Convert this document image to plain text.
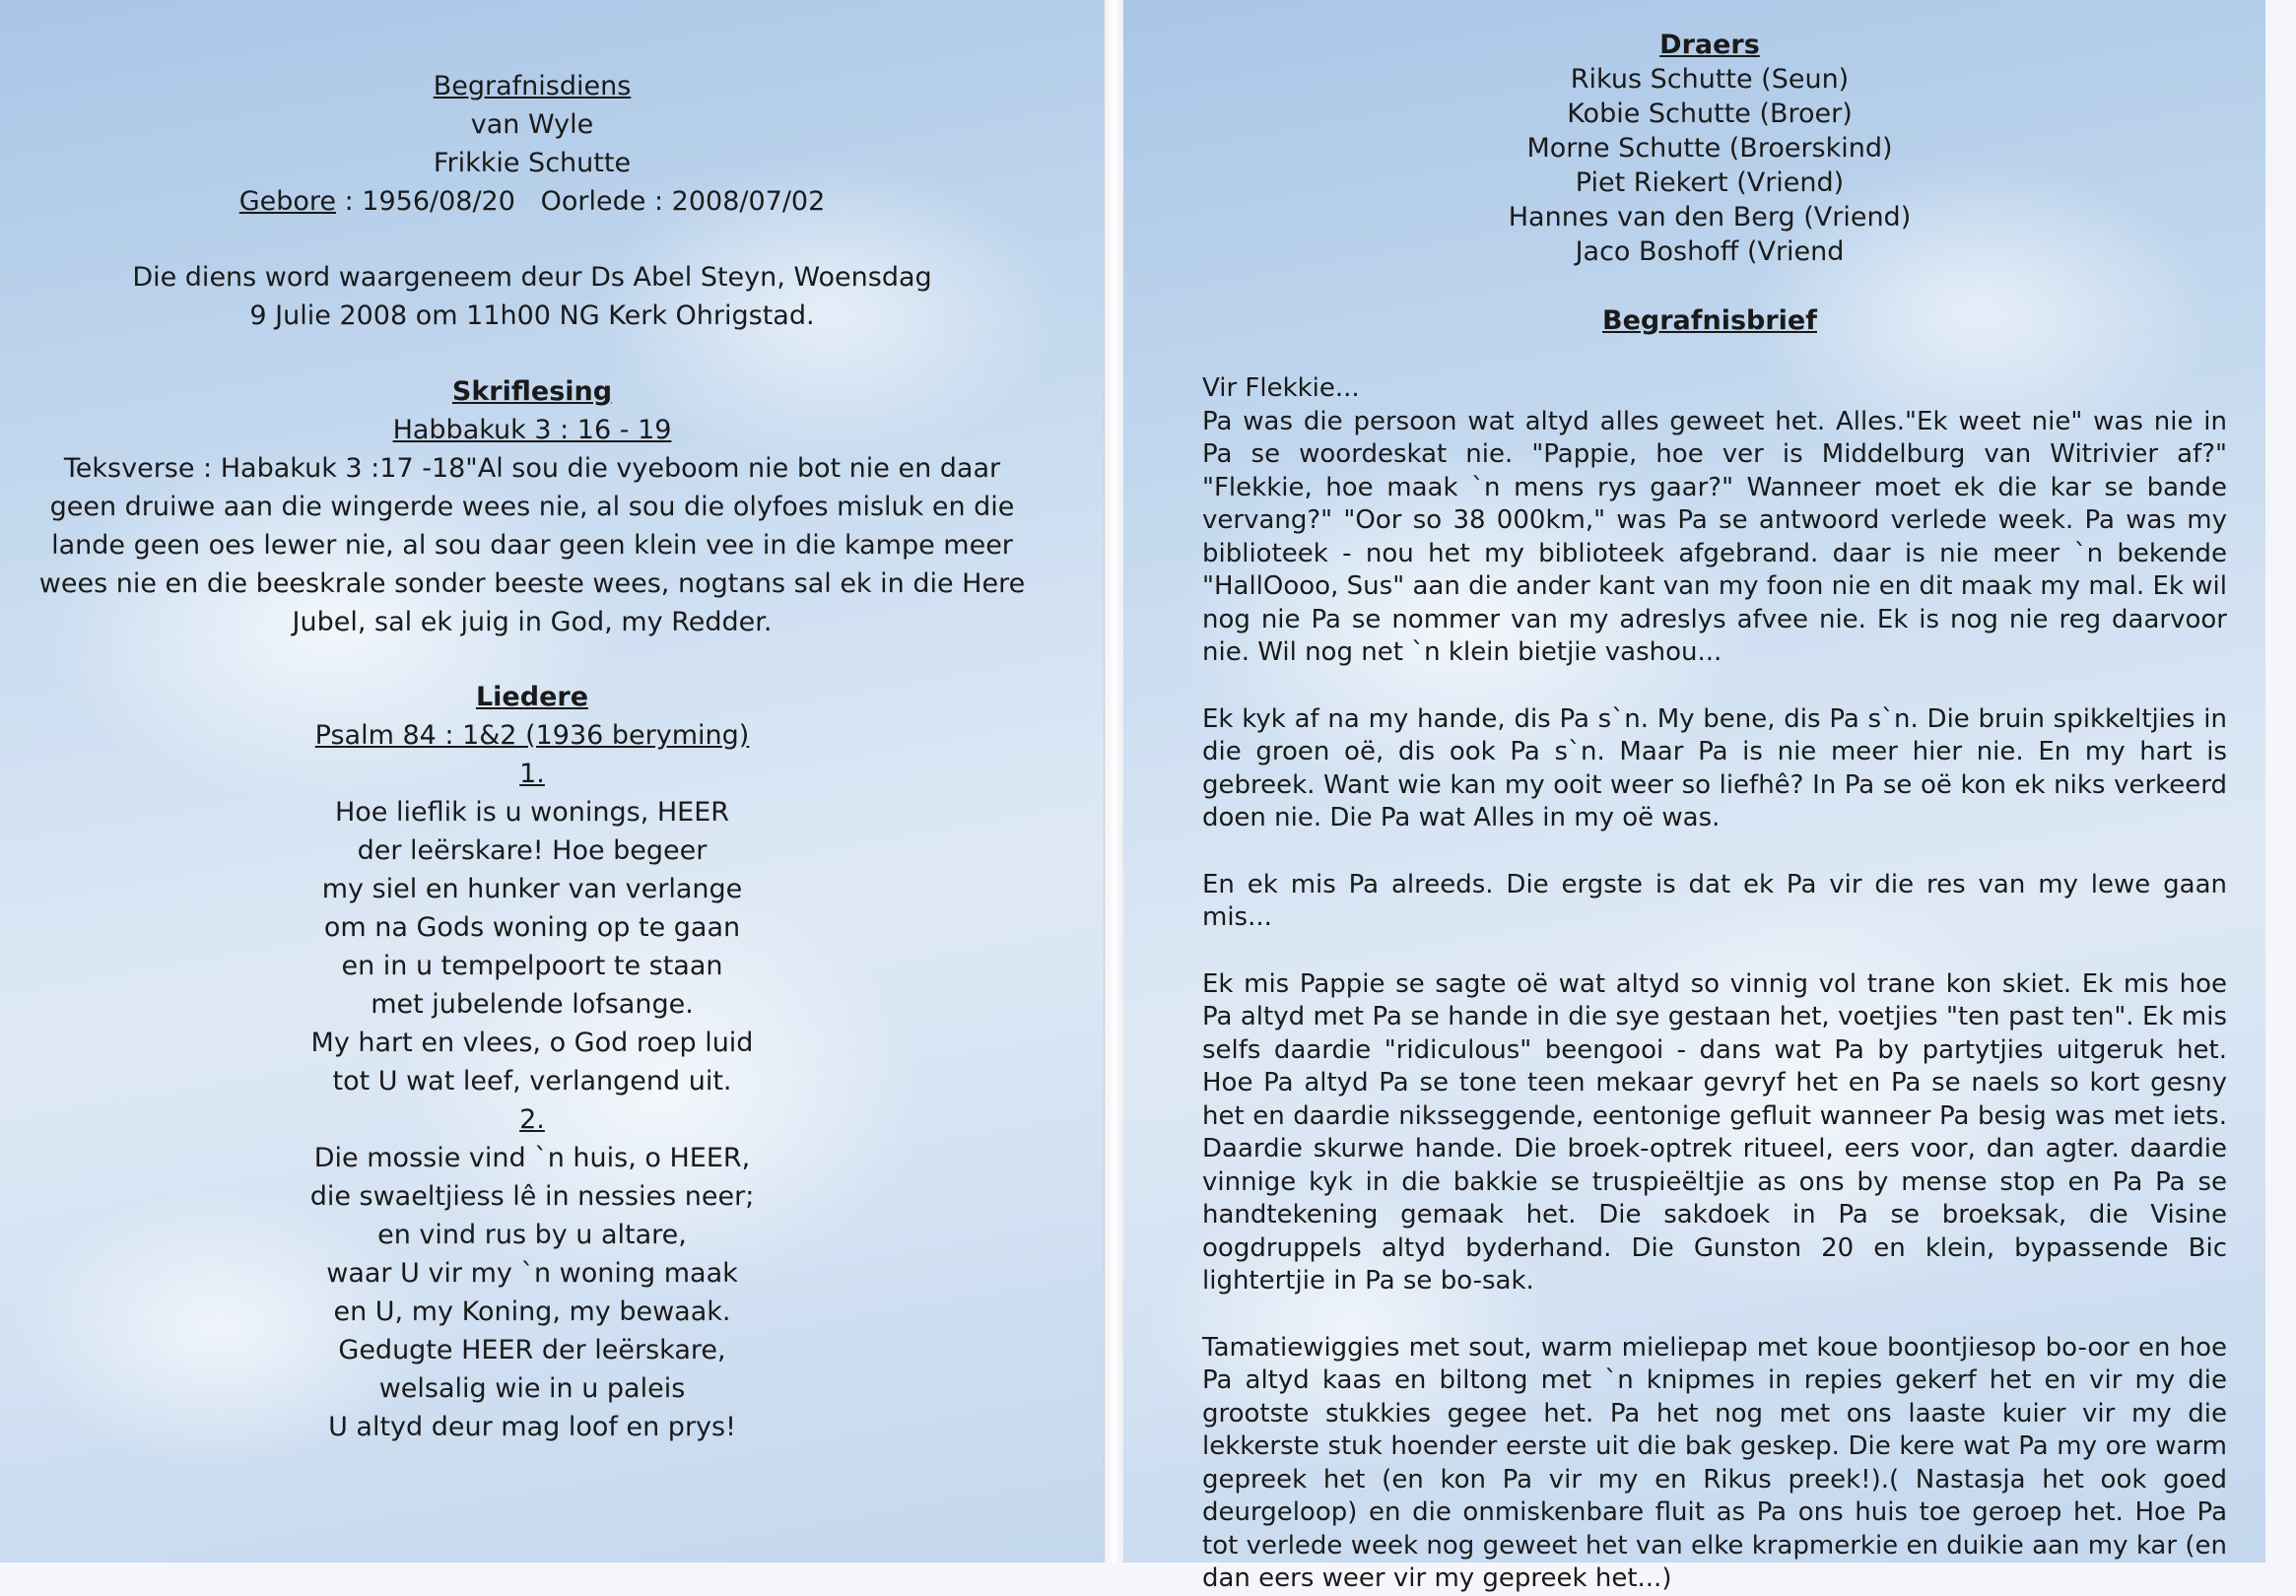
Begrafnisdiens
van Wyle
Frikkie Schutte
Gebore : 1956/08/20   Oorlede : 2008/07/02
Die diens word waargeneem deur Ds Abel Steyn, Woensdag
9 Julie 2008 om 11h00 NG Kerk Ohrigstad.
Skriflesing
Habbakuk 3 : 16 - 19
Teksverse : Habakuk 3 :17 -18"Al sou die vyeboom nie bot nie en daar
geen druiwe aan die wingerde wees nie, al sou die olyfoes misluk en die
lande geen oes lewer nie, al sou daar geen klein vee in die kampe meer
wees nie en die beeskrale sonder beeste wees, nogtans sal ek in die Here
Jubel, sal ek juig in God, my Redder.
Liedere
Psalm 84 : 1&2 (1936 beryming)
1.
Hoe lieflik is u wonings, HEER
der leërskare! Hoe begeer
my siel en hunker van verlange
om na Gods woning op te gaan
en in u tempelpoort te staan
met jubelende lofsange.
My hart en vlees, o God roep luid
tot U wat leef, verlangend uit.
2.
Die mossie vind `n huis, o HEER,
die swaeltjiess lê in nessies neer;
en vind rus by u altare,
waar U vir my `n woning maak
en U, my Koning, my bewaak.
Gedugte HEER der leërskare,
welsalig wie in u paleis
U altyd deur mag loof en prys!
Draers
Rikus Schutte (Seun)
Kobie Schutte (Broer)
Morne Schutte (Broerskind)
Piet Riekert (Vriend)
Hannes van den Berg (Vriend)
Jaco Boshoff (Vriend
Begrafnisbrief
Vir Flekkie...
Pa was die persoon wat altyd alles geweet het. Alles."Ek weet nie" was nie in Pa se woordeskat nie. "Pappie, hoe ver is Middelburg van Witrivier af?" "Flekkie, hoe maak `n mens rys gaar?" Wanneer moet ek die kar se bande vervang?" "Oor so 38 000km," was Pa se antwoord verlede week. Pa was my biblioteek - nou het my biblioteek afgebrand. daar is nie meer `n bekende "HallOooo, Sus" aan die ander kant van my foon nie en dit maak my mal. Ek wil nog nie Pa se nommer van my adreslys afvee nie. Ek is nog nie reg daarvoor nie. Wil nog net `n klein bietjie vashou...
Ek kyk af na my hande, dis Pa s`n. My bene, dis Pa s`n. Die bruin spikkeltjies in die groen oë, dis ook Pa s`n. Maar Pa is nie meer hier nie. En my hart is gebreek. Want wie kan my ooit weer so liefhê? In Pa se oë kon ek niks verkeerd doen nie. Die Pa wat Alles in my oë was.
En ek mis Pa alreeds. Die ergste is dat ek Pa vir die res van my lewe gaan mis...
Ek mis Pappie se sagte oë wat altyd so vinnig vol trane kon skiet. Ek mis hoe Pa altyd met Pa se hande in die sye gestaan het, voetjies "ten past ten". Ek mis selfs daardie "ridiculous" beengooi - dans wat Pa by partytjies uitgeruk het. Hoe Pa altyd Pa se tone teen mekaar gevryf het en Pa se naels so kort gesny het en daardie niksseggende, eentonige gefluit wanneer Pa besig was met iets. Daardie skurwe hande. Die broek-optrek ritueel, eers voor, dan agter. daardie vinnige kyk in die bakkie se truspieëltjie as ons by mense stop en Pa Pa se handtekening gemaak het. Die sakdoek in Pa se broeksak, die Visine oogdruppels altyd byderhand. Die Gunston 20 en klein, bypassende Bic lightertjie in Pa se bo-sak.
Tamatiewiggies met sout, warm mieliepap met koue boontjiesop bo-oor en hoe Pa altyd kaas en biltong met `n knipmes in repies gekerf het en vir my die grootste stukkies gegee het. Pa het nog met ons laaste kuier vir my die lekkerste stuk hoender eerste uit die bak geskep. Die kere wat Pa my ore warm gepreek het (en kon Pa vir my en Rikus preek!).( Nastasja het ook goed deurgeloop) en die onmiskenbare fluit as Pa ons huis toe geroep het. Hoe Pa tot verlede week nog geweet het van elke krapmerkie en duikie aan my kar (en dan eers weer vir my gepreek het...)
